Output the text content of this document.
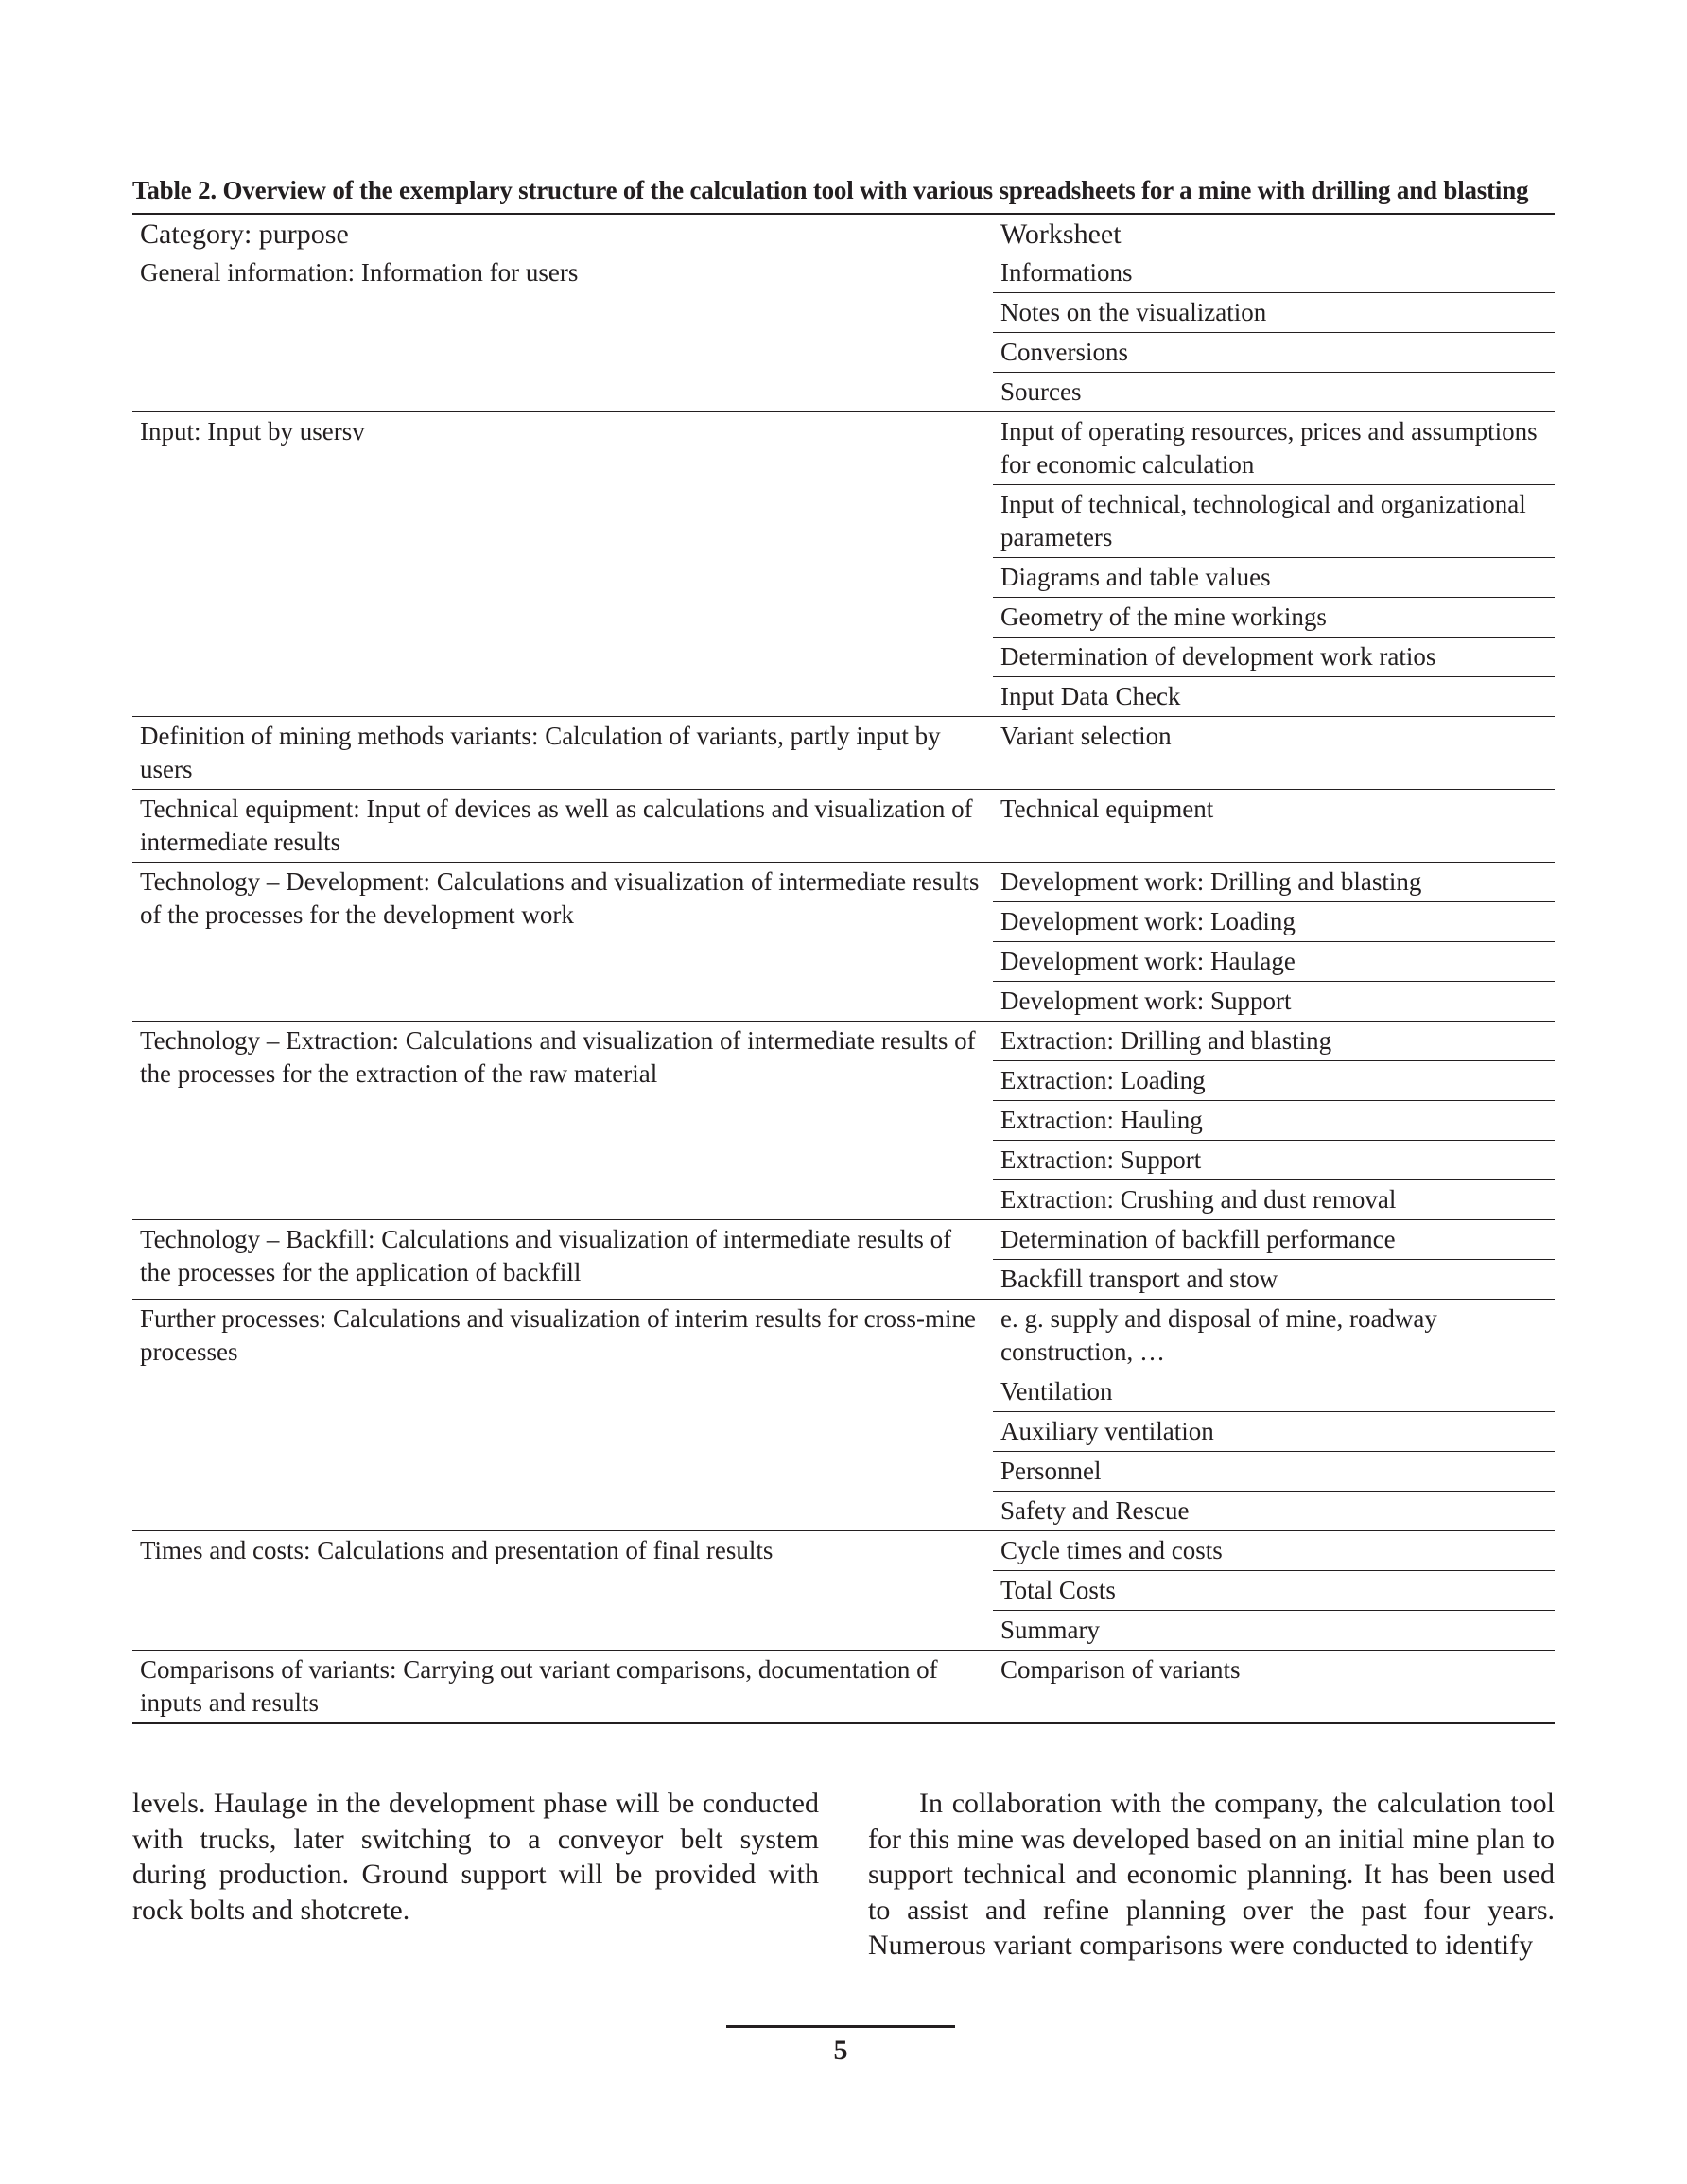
Table 2. Overview of the exemplary structure of the calculation tool with various spreadsheets for a mine with drilling and blasting

Category: purpose	Worksheet
General information: Information for users	Informations
	Notes on the visualization
	Conversions
	Sources
Input: Input by usersv	Input of operating resources, prices and assumptions for economic calculation
	Input of technical, technological and organizational parameters
	Diagrams and table values
	Geometry of the mine workings
	Determination of development work ratios
	Input Data Check
Definition of mining methods variants: Calculation of variants, partly input by users	Variant selection
Technical equipment: Input of devices as well as calculations and visualization of intermediate results	Technical equipment
Technology – Development: Calculations and visualization of intermediate results of the processes for the development work	Development work: Drilling and blasting
	Development work: Loading
	Development work: Haulage
	Development work: Support
Technology – Extraction: Calculations and visualization of intermediate results of the processes for the extraction of the raw material	Extraction: Drilling and blasting
	Extraction: Loading
	Extraction: Hauling
	Extraction: Support
	Extraction: Crushing and dust removal
Technology – Backfill: Calculations and visualization of intermediate results of the processes for the application of backfill	Determination of backfill performance
	Backfill transport and stow
Further processes: Calculations and visualization of interim results for cross-mine processes	e. g. supply and disposal of mine, roadway construction, …
	Ventilation
	Auxiliary ventilation
	Personnel
	Safety and Rescue
Times and costs: Calculations and presentation of final results	Cycle times and costs
	Total Costs
	Summary
Comparisons of variants: Carrying out variant comparisons, documentation of inputs and results	Comparison of variants

levels. Haulage in the development phase will be conducted with trucks, later switching to a conveyor belt system during production. Ground support will be provided with rock bolts and shotcrete.

In collaboration with the company, the calculation tool for this mine was developed based on an initial mine plan to support technical and economic planning. It has been used to assist and refine planning over the past four years. Numerous variant comparisons were conducted to identify

5
